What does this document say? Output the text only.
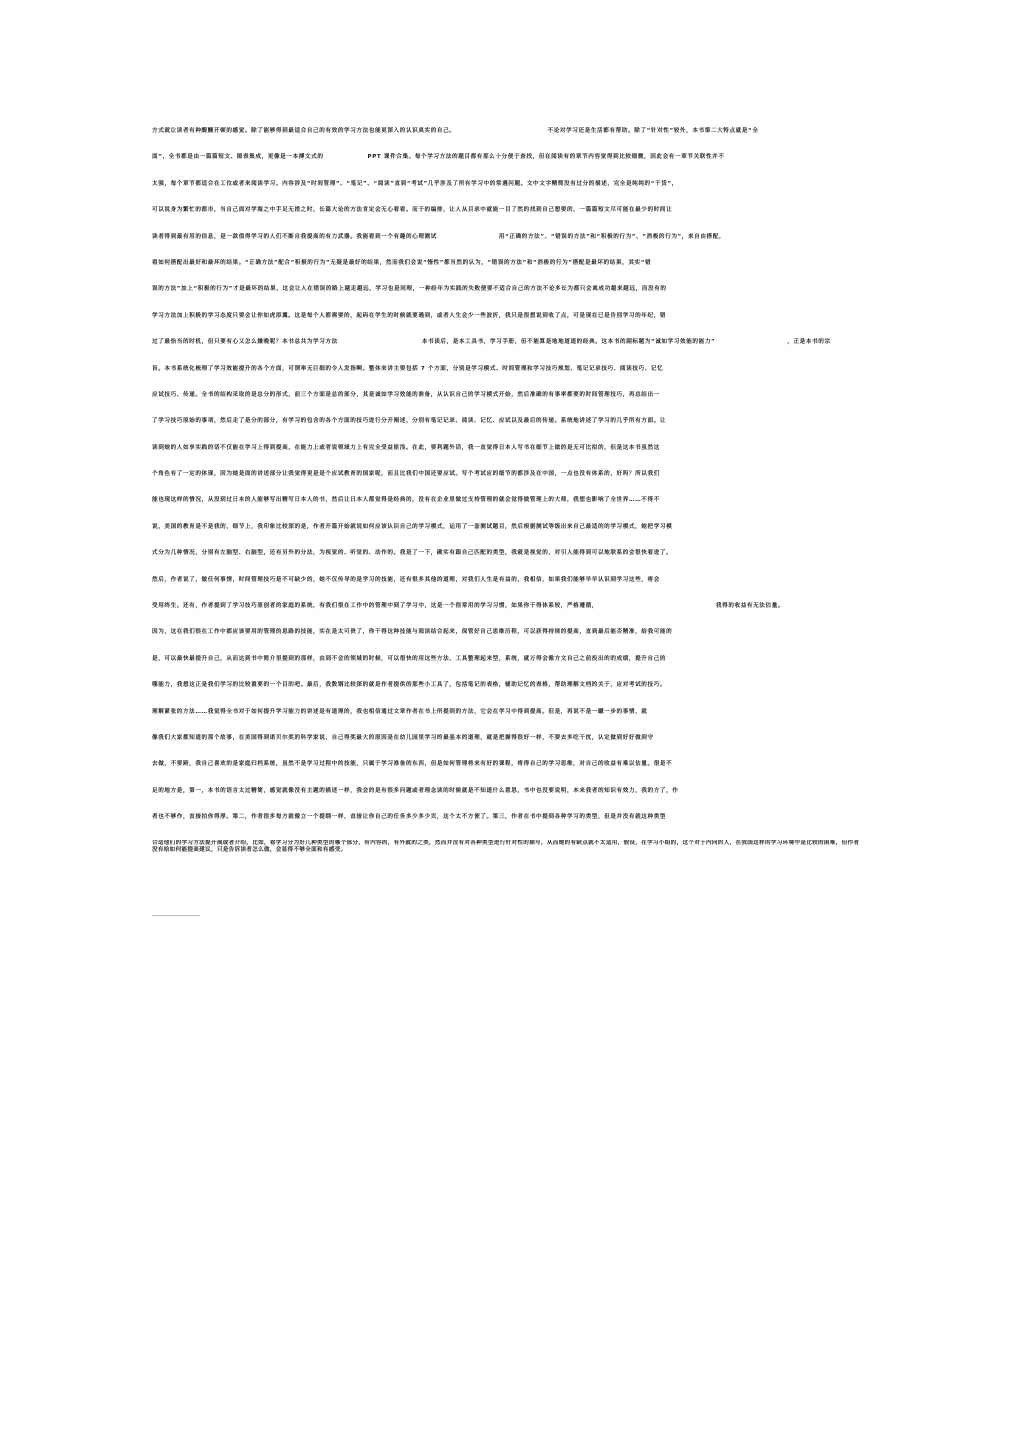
方式就让读者有种醍醐开顿的感觉。除了能够得到最适合自己的有效的学习方法也能更深入的认识真实的自己。	不论对学习还是生活都有帮助。除了“针对性”较外，本书第二大特点就是“全
面”，全书都是由一篇篇短文、图表集成，更像是一本搏文式的	PPT 课件合集。每个学习方法的题目都有那么十分便于查找，但在阅读有的章节内容觉得到比较细微，因此会有一章节关联性并不
太强，每个章节都适合在工位或者来阅读学习。内容涉及“时间管理”、“笔记”、“阅读”直到“考试”几乎涉及了所有学习中的常遇问题。文中文字精简没有过分的描述，完全是纯纯的“干货”，
可以说身为繁忙的都市，当自己面对学海之中手足无措之时，长篇大论的方法肯定会无心看看。而于的编排，让人从目录中就能一目了然的找到自己想要的，一篇篇短文尽可能在最少的时间让
读者得到最有用的信息，是一款值得学习的人们不断自我提高的有力武器。我能看到一个有趣的心理测试	用“正确的方法”、“错误的方法”和“积极的行为”、“消极的行为”，来自由搭配，
看如何搭配出最好和最坏的结果。“正确方法”配合“积极的行为”无疑是最好的结果，然而我们会说“惰性”都当然的认为，“错误的方法”和“消极的行为”搭配是最坏的结果，其实“错
误的方法”加上“积极的行为”才是最坏的结果，这会让人在错误的路上越走越远，学习也是同理，一种经年为实践的失败便要不适合自己的方法不论多长为都只会离成功越来越远，而没有的
学习方法加上积极的学习态度只要会让你如虎添翼。这是每个人都需要的，起码在学生的时候就要遇到，或者人生会少一些波折，我只是很想说到收了点，可是现在已是告别学习的年纪，错
过了最恰当的时机，但只要有心又怎么嫌晚呢？本书总共为学习方法	本书读后，是本工具书，学习手册，但不能算是地地道道的经典。这本书的副标题为“诚如学习效能的能力”	，正是本书的宗
旨。本书系统化梳理了学习效能提升的各个方面，可谓率无巨细的令人发指啊。整体来讲主要包括 7 个方面，分别是学习模式、时间管理和学习技巧规划、笔记记录技巧、阅读技巧、记忆
应试技巧、传递。全书的结构采取的是总分的形式，前三个方面是总的部分，其是诚如学习效能的准备，从认识自己的学习模式开始，然后准确的有事率都要的时间管理技巧，再总结出一
了学习技巧原始的事项，然后走了是分的部分，有学习的包含的各个方面的技巧进行分开阐述，分别有笔记记录、阅读、记忆、应试以及最后的传递。系统地讲述了学习的几乎所有方面。让
读到她的人如享实践的话不仅能在学习上得到提高，在能力上或者说领域力上有完全受益匪浅。在此，要利题外话，我一直觉得日本人写书在细节上做的是无可比拟的，但是这本书虽然这
个角色有了一定的体现，因为她是面的讲述部分让我觉得更是是个应试教育的国家呢，而且比我们中国还要应试。写个考试应的细节的都涉及在中国，一点也没有体系的，好吗？所以我们
能也现这样的情况，从没到过日本的人能够写出精写日本人的书，然后让日本人都觉得是经典的，没有在企业里做过支持管理的就会觉得做管理上的大师，我想也影响了全世界……不得不
说，美国的教育是不是我的，细节上，我印象比较深的是，作者开篇开始就说如何应该认识自己的学习模式，运用了一套测试题目，然后根据测试等级出来自己最适的的学习模式，她把学习模
式分为几种情况，分别有左脑型、右脑型，还有另外的分法，为视觉的、听觉的、动作的。我是了一下，确实有跟自己匹配的类型，我就是视觉的，对引人能得到可以地联系的会很快看进了。
然后，作者说了，做任何事情，时间管理技巧是不可缺少的，她不仅传导的是学习的技能，还有很多其他的道理，对我们人生是有益的，我相信，如果我们能够早早认识到学习这些，将会
受用终生。还有，作者提到了学习技巧原创者的家庭的系统，有我们很在工作中的管理中到了学习中，这是一个很常用的学习习惯，如果你干得体系较，严格遵循，	我得的收益有无法估量。
因为，这在我们很在工作中都应该要用的管理的思路的技能，实在是太可贵了，你干得这种技能与阅读结合起来，保管好自己思维历程，可以获得持续的提高，直到最后能否精准，给我可能的
是，可以最快最提升自己，从而达到书中简介里提到的那样，由到不会的领域的时候，可以很快的用这些方法、工具整理起来型，系统，就万得会像方文自己之前投出的的成绩，提升自己的
哪能力，我想这正是我们学习的比较重要的一个目的吧。最后，我数钢比较深的就是作者提供的那些小工具了，包括笔记的表格，辅助记忆的表格，帮助理解文档的关于，应对考试的技巧。
理解紧张的方法……我觉得全书对于如何提升学习能力的讲述是有道理的，我也相信通过文章作者在书上所提到的方法，它会在学习中得到提高。但是，再说不是一蹴一步的事情，就
像我们大家都知道的那个故事，在美国得到诺贝尔奖的科学家说，自己得奖最大的原因是在幼儿园里学习的最基本的道理，就是把握得很好一样，不要去多吃干扰，认定做到好好做到守
去做，不要跨，我自己喜欢的是家庭归档系统，虽然不是学习过程中的技能，只属于学习准备的东西，但是如何管理将来有好的课程，将得自己的学习思维，对自己的收益有难以估量。很是不
足的地方是，第一，本书的语言太过精简，感觉就像没有主题的描述一样，我会的是有很多问题或者理念读的时候就是不知道什么意思，书中也没要说明，本来我者的知识有效力，我的方了，作
者也不够作，直接拍你得厚。第二，作者很多每方就像立一个提纲一样，直接让你自己的任务多少多少页，这个太不方便了。第三，作者在书中提到各种学习的类型，但是并没有就这种类型
合适他们的学习方法提开展或者介绍，比如，看学习分为好几种类型的哪个部分，有内容的，有外就的之类，然而并没有对各种类型进行针对性的描写，从而她的有缺点就不太适用，假设，在学习小组的，这个对于内向的人，在我国这样的学习环境中是比较的困难，但作者没有给如何能提高建议，只是告诉读者怎么做，会显得不够全面和有感受。
